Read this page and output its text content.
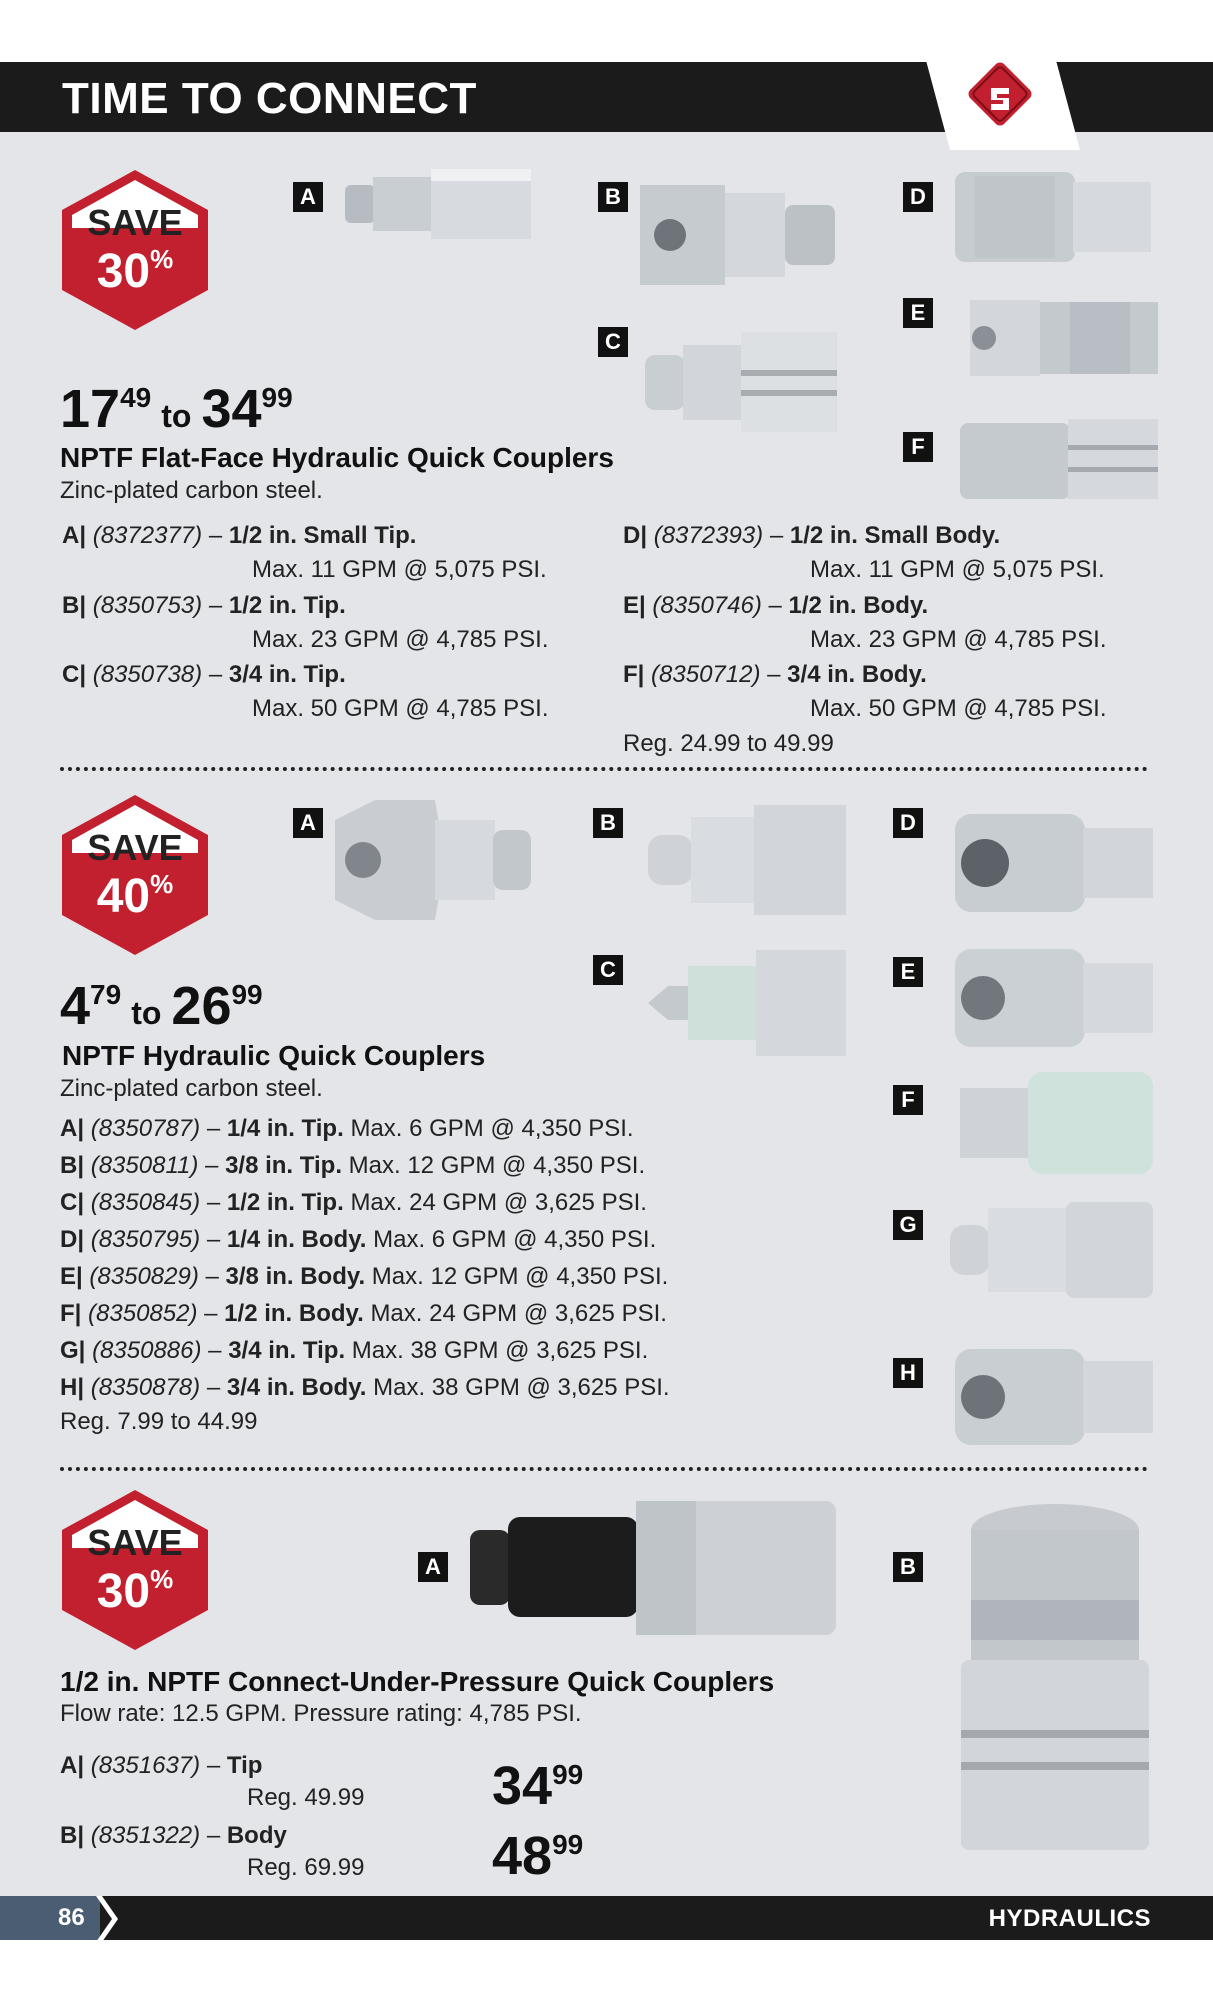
TIME TO CONNECT
SAVE
30%
1749to 3499
NPTF Flat-Face Hydraulic Quick Couplers
Zinc-plated carbon steel.
A| (8372377) – 1/2 in. Small Tip.
Max. 11 GPM @ 5,075 PSI.
B| (8350753) – 1/2 in. Tip.
Max. 23 GPM @ 4,785 PSI.
C| (8350738) – 3/4 in. Tip.
Max. 50 GPM @ 4,785 PSI.
D| (8372393) – 1/2 in. Small Body.
Max. 11 GPM @ 5,075 PSI.
E| (8350746) – 1/2 in. Body.
Max. 23 GPM @ 4,785 PSI.
F| (8350712) – 3/4 in. Body.
Max. 50 GPM @ 4,785 PSI.
Reg. 24.99 to 49.99
A	B
C
D
E
F
SAVE
40%
479to 2699
NPTF Hydraulic Quick Couplers
Zinc-plated carbon steel.
A| (8350787) – 1/4 in. Tip. Max. 6 GPM @ 4,350 PSI.
B| (8350811) – 3/8 in. Tip. Max. 12 GPM @ 4,350 PSI.
C| (8350845) – 1/2 in. Tip. Max. 24 GPM @ 3,625 PSI.
D| (8350795) – 1/4 in. Body. Max. 6 GPM @ 4,350 PSI.
E| (8350829) – 3/8 in. Body. Max. 12 GPM @ 4,350 PSI.
F| (8350852) – 1/2 in. Body. Max. 24 GPM @ 3,625 PSI.
G| (8350886) – 3/4 in. Tip. Max. 38 GPM @ 3,625 PSI.
H| (8350878) – 3/4 in. Body. Max. 38 GPM @ 3,625 PSI.
Reg. 7.99 to 44.99
A	B
C
D
E
F
G
H
SAVE
30%	A	B
1/2 in. NPTF Connect-Under-Pressure Quick Couplers
Flow rate: 12.5 GPM. Pressure rating: 4,785 PSI.
A| (8351637) – Tip
Reg. 49.99 3499
B| (8351322) – Body
Reg. 69.99 4899
86	HYDRAULICS
